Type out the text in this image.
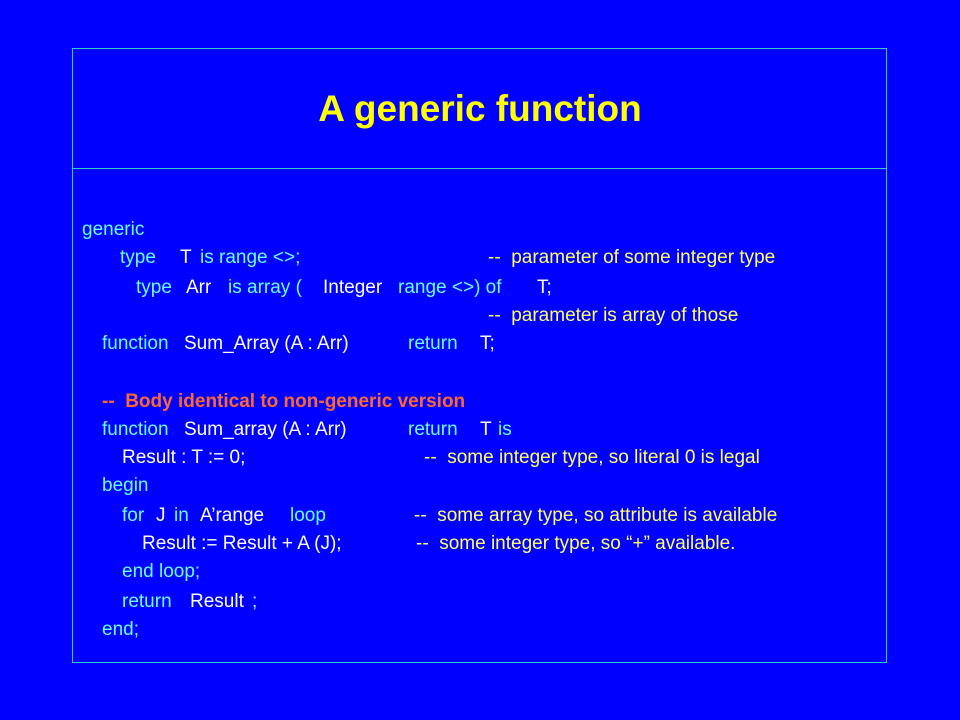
A generic function

generic

type

T

is range <>;

	--  parameter of some integer type

type

Arr

is array (

Integer

range <>) of

T;

--  parameter is array of those

function

Sum_Array (A : Arr)

	return

T;

--  Body identical to non-generic version

function

Sum_array (A : Arr)

	return

T

is

Result : T := 0;

	--  some integer type, so literal 0 is legal

begin

for

J

in

A’range

loop

	--  some array type, so attribute is available

Result := Result + A (J);

	--  some integer type, so “+” available.

end loop;

return

Result

;

end;
